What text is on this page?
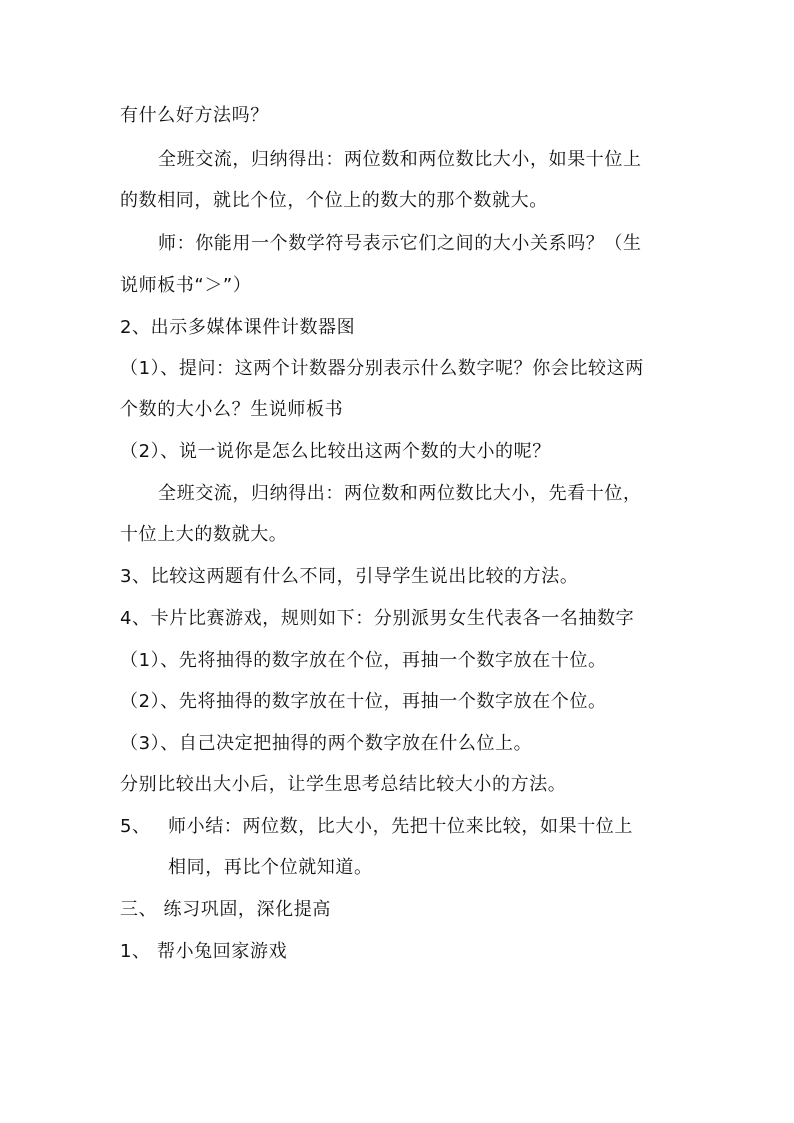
有什么好方法吗？
全班交流，归纳得出：两位数和两位数比大小，如果十位上
的数相同，就比个位，个位上的数大的那个数就大。
师：你能用一个数学符号表示它们之间的大小关系吗？（生
说师板书“＞”）
2、出示多媒体课件计数器图
（1）、提问：这两个计数器分别表示什么数字呢？你会比较这两
个数的大小么？生说师板书
（2）、说一说你是怎么比较出这两个数的大小的呢？
全班交流，归纳得出：两位数和两位数比大小，先看十位，
十位上大的数就大。
3、比较这两题有什么不同，引导学生说出比较的方法。
4、卡片比赛游戏，规则如下：分别派男女生代表各一名抽数字
（1）、先将抽得的数字放在个位，再抽一个数字放在十位。
（2）、先将抽得的数字放在十位，再抽一个数字放在个位。
（3）、自己决定把抽得的两个数字放在什么位上。
分别比较出大小后，让学生思考总结比较大小的方法。
5、 师小结：两位数，比大小，先把十位来比较，如果十位上
相同，再比个位就知道。
三、 练习巩固，深化提高
1、 帮小兔回家游戏
